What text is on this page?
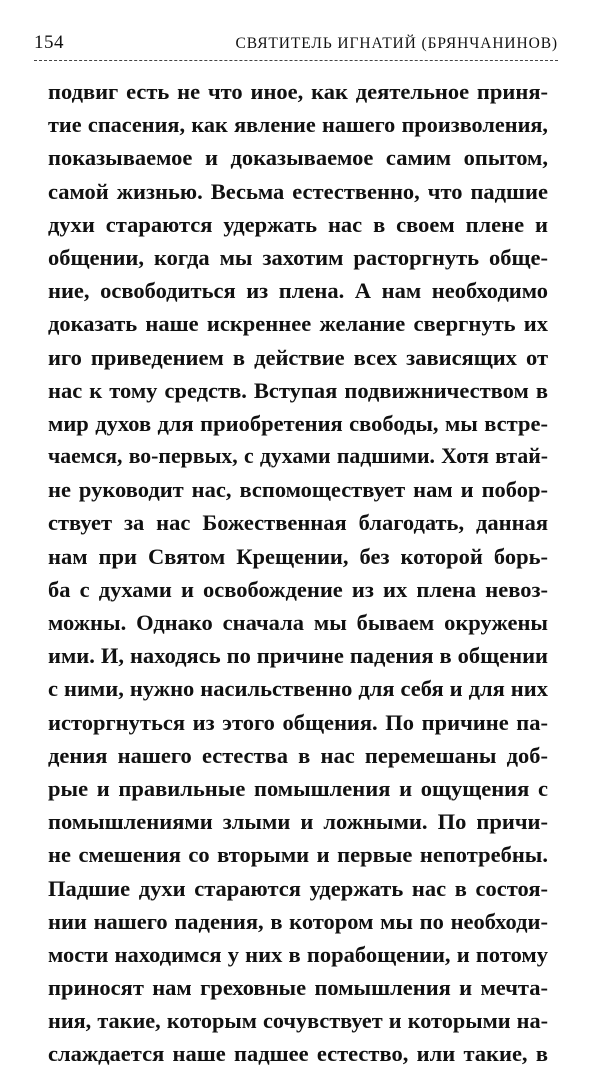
154	СВЯТИТЕЛЬ ИГНАТИЙ (БРЯНЧАНИНОВ)
подвиг есть не что иное, как деятельное приня-
тие спасения, как явление нашего произволения,
показываемое и доказываемое самим опытом,
самой жизнью. Весьма естественно, что падшие
духи стараются удержать нас в своем плене и
общении, когда мы захотим расторгнуть обще-
ние, освободиться из плена. А нам необходимо
доказать наше искреннее желание свергнуть их
иго приведением в действие всех зависящих от
нас к тому средств. Вступая подвижничеством в
мир духов для приобретения свободы, мы встре-
чаемся, во-первых, с духами падшими. Хотя втай-
не руководит нас, вспомоществует нам и побор-
ствует за нас Божественная благодать, данная
нам при Святом Крещении, без которой борь-
ба с духами и освобождение из их плена невоз-
можны. Однако сначала мы бываем окружены
ими. И, находясь по причине падения в общении
с ними, нужно насильственно для себя и для них
исторгнуться из этого общения. По причине па-
дения нашего естества в нас перемешаны доб-
рые и правильные помышления и ощущения с
помышлениями злыми и ложными. По причи-
не смешения со вторыми и первые непотребны.
Падшие духи стараются удержать нас в состоя-
нии нашего падения, в котором мы по необходи-
мости находимся у них в порабощении, и потому
приносят нам греховные помышления и мечта-
ния, такие, которым сочувствует и которыми на-
слаждается наше падшее естество, или такие, в
